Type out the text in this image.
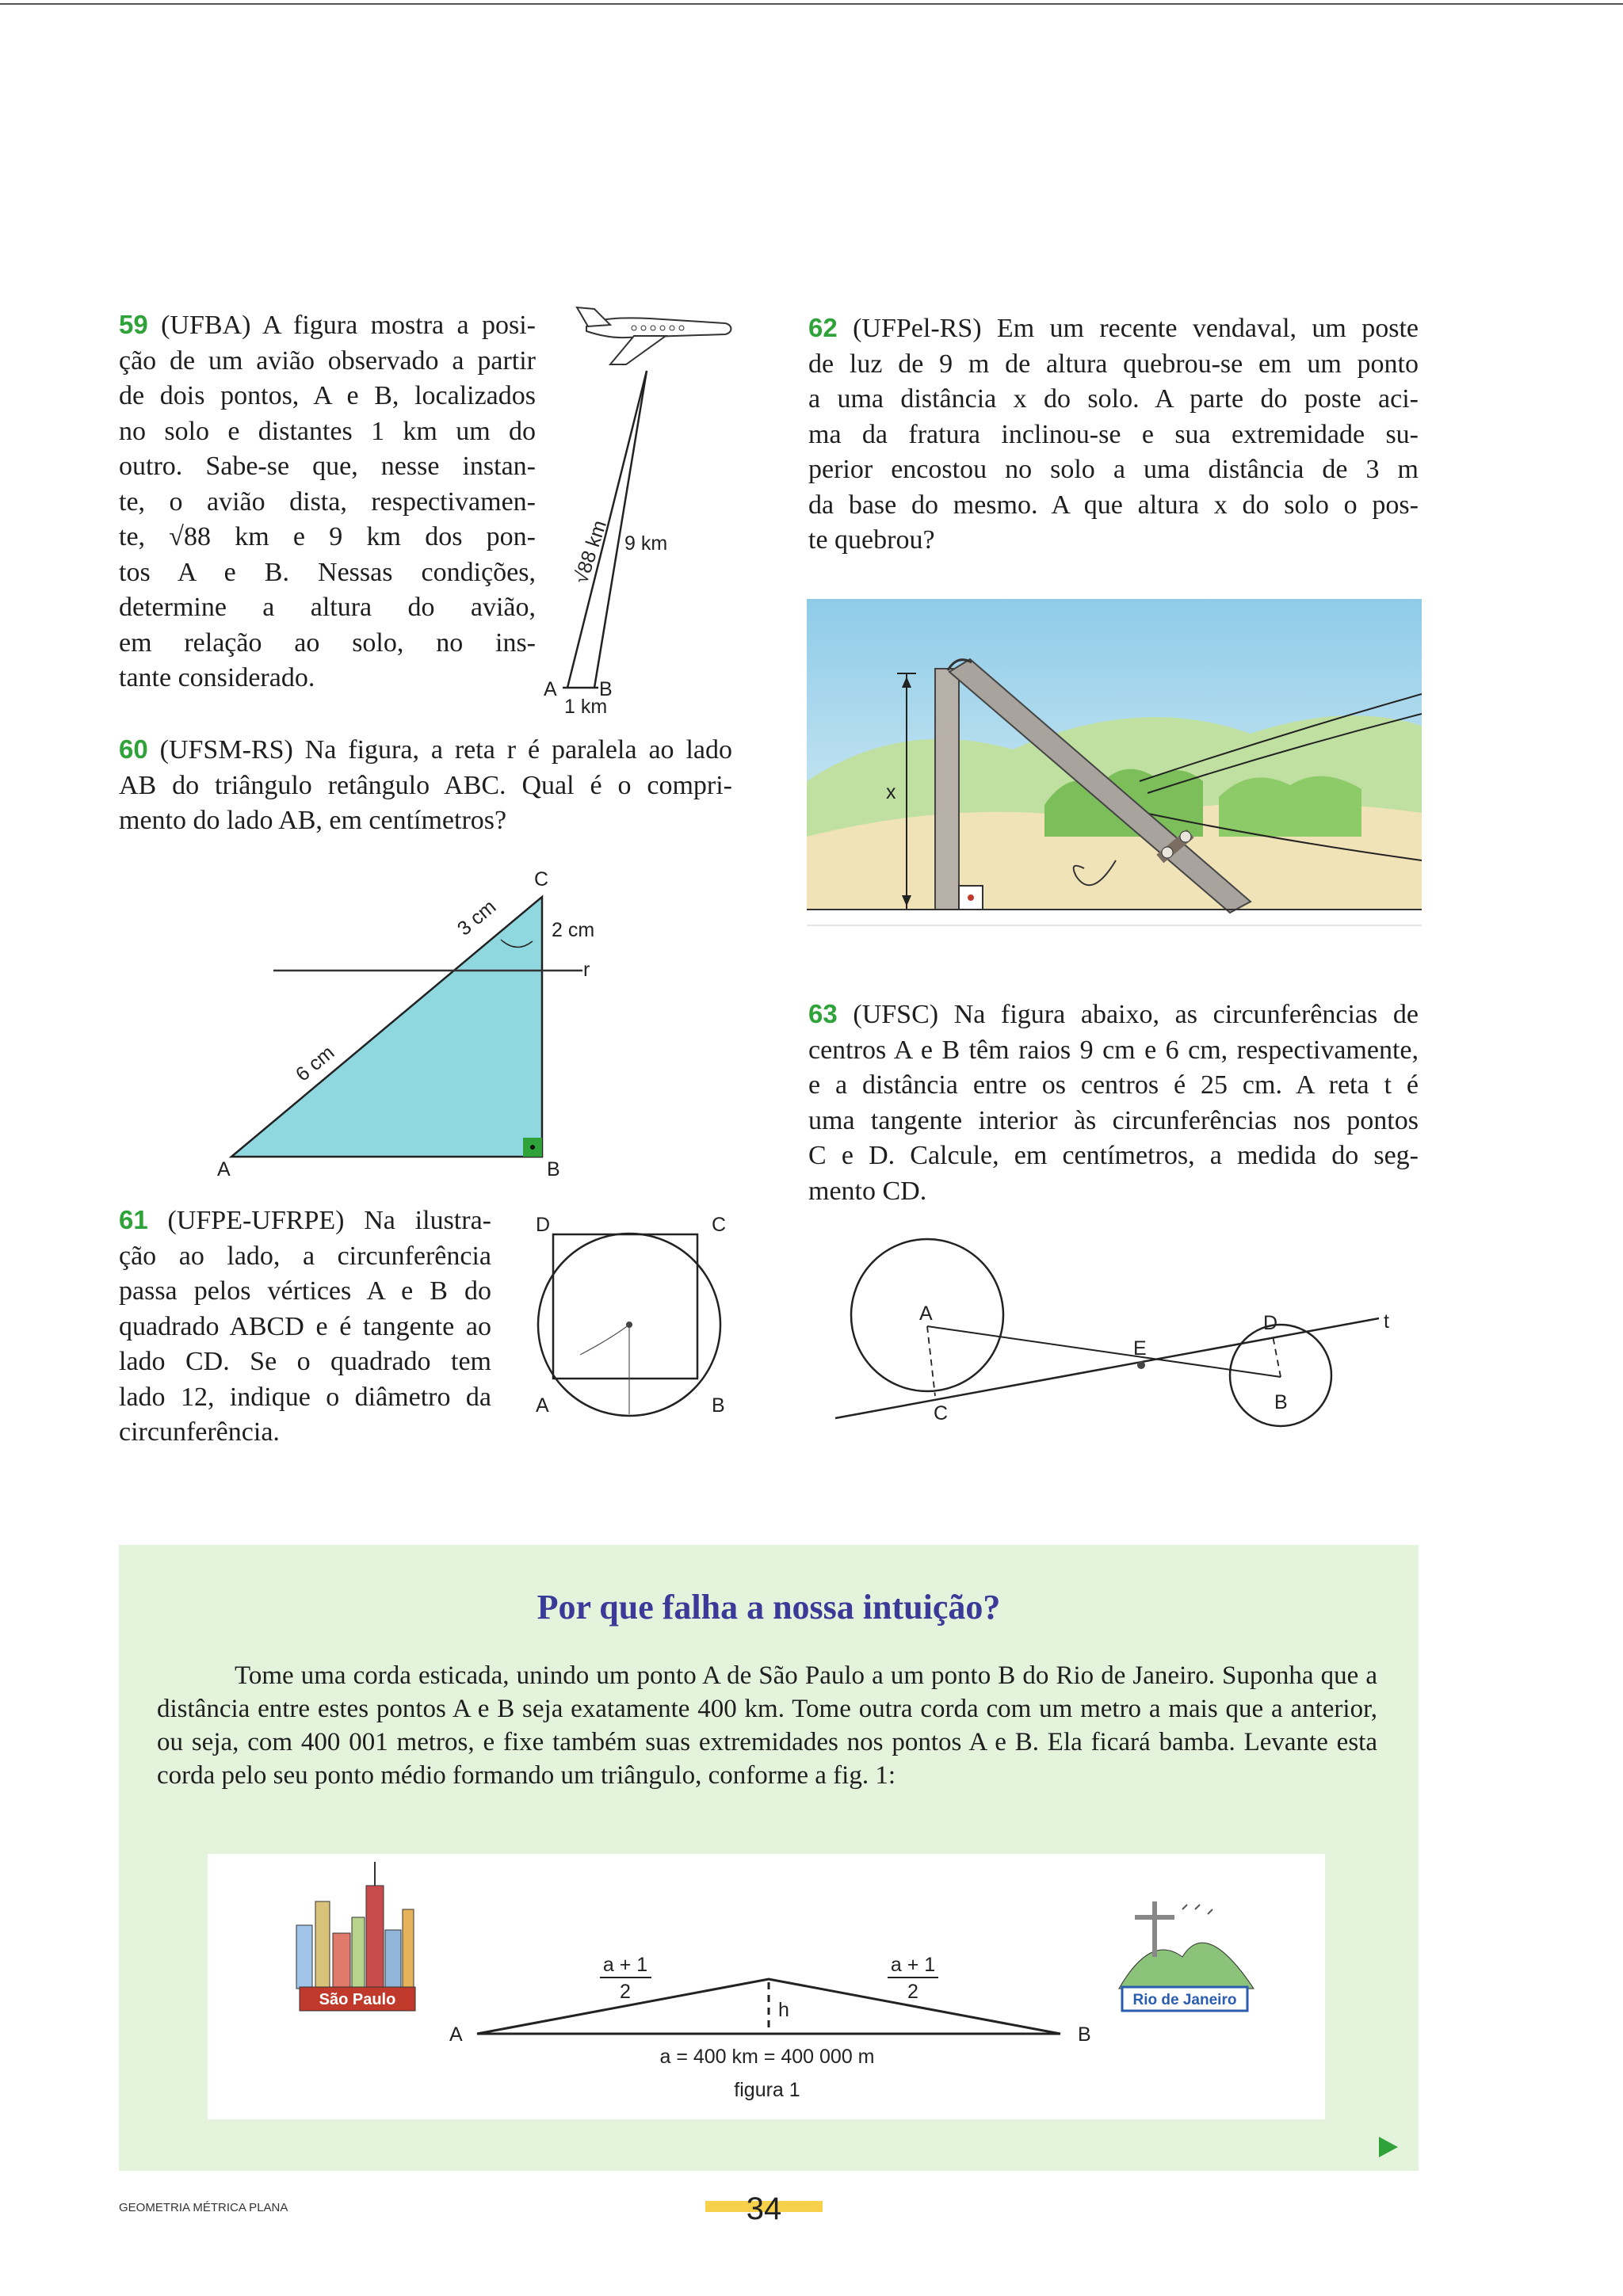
59 (UFBA) A figura mostra a posi-
ção de um avião observado a partir
de dois pontos, A e B, localizados
no solo e distantes 1 km um do
outro. Sabe-se que, nesse instan-
te, o avião dista, respectivamen-
te, √88 km e 9 km dos pon-
tos A e B. Nessas condições,
determine a altura do avião,
em relação ao solo, no ins-
tante considerado.	A B
1 km
9 km
√88 km
60 (UFSM-RS) Na figura, a reta r é paralela ao lado
AB do triângulo retângulo ABC. Qual é o compri-
mento do lado AB, em centímetros?
C
A	B
r
2 cm
3 cm
6 cm
61 (UFPE-UFRPE) Na ilustra-
ção ao lado, a circunferência
passa pelos vértices A e B do
quadrado ABCD e é tangente ao
lado CD. Se o quadrado tem
lado 12, indique o diâmetro da
circunferência.
D	C
A	B
62 (UFPel-RS) Em um recente vendaval, um poste
de luz de 9 m de altura quebrou-se em um ponto
a uma distância x do solo. A parte do poste aci-
ma da fratura inclinou-se e sua extremidade su-
perior encostou no solo a uma distância de 3 m
da base do mesmo. A que altura x do solo o pos-
te quebrou?
x
63 (UFSC) Na figura abaixo, as circunferências de
centros A e B têm raios 9 cm e 6 cm, respectivamente,
e a distância entre os centros é 25 cm. A reta t é
uma tangente interior às circunferências nos pontos
C e D. Calcule, em centímetros, a medida do seg-
mento CD.
A
C
E
D
B
t
Por que falha a nossa intuição?
Tome uma corda esticada, unindo um ponto A de São Paulo a um ponto B do Rio de Janeiro. Suponha que a distância entre estes pontos A e B seja exatamente 400 km. Tome outra corda com um metro a mais que a anterior, ou seja, com 400 001 metros, e fixe também suas extremidades nos pontos A e B. Ela ficará bamba. Levante esta corda pelo seu ponto médio formando um triângulo, conforme a fig. 1:
São Paulo	Rio de Janeiro
A	B
h
a + 1
2
a + 1
2
a = 400 km = 400 000 m
figura 1
GEOMETRIA MÉTRICA PLANA	34
